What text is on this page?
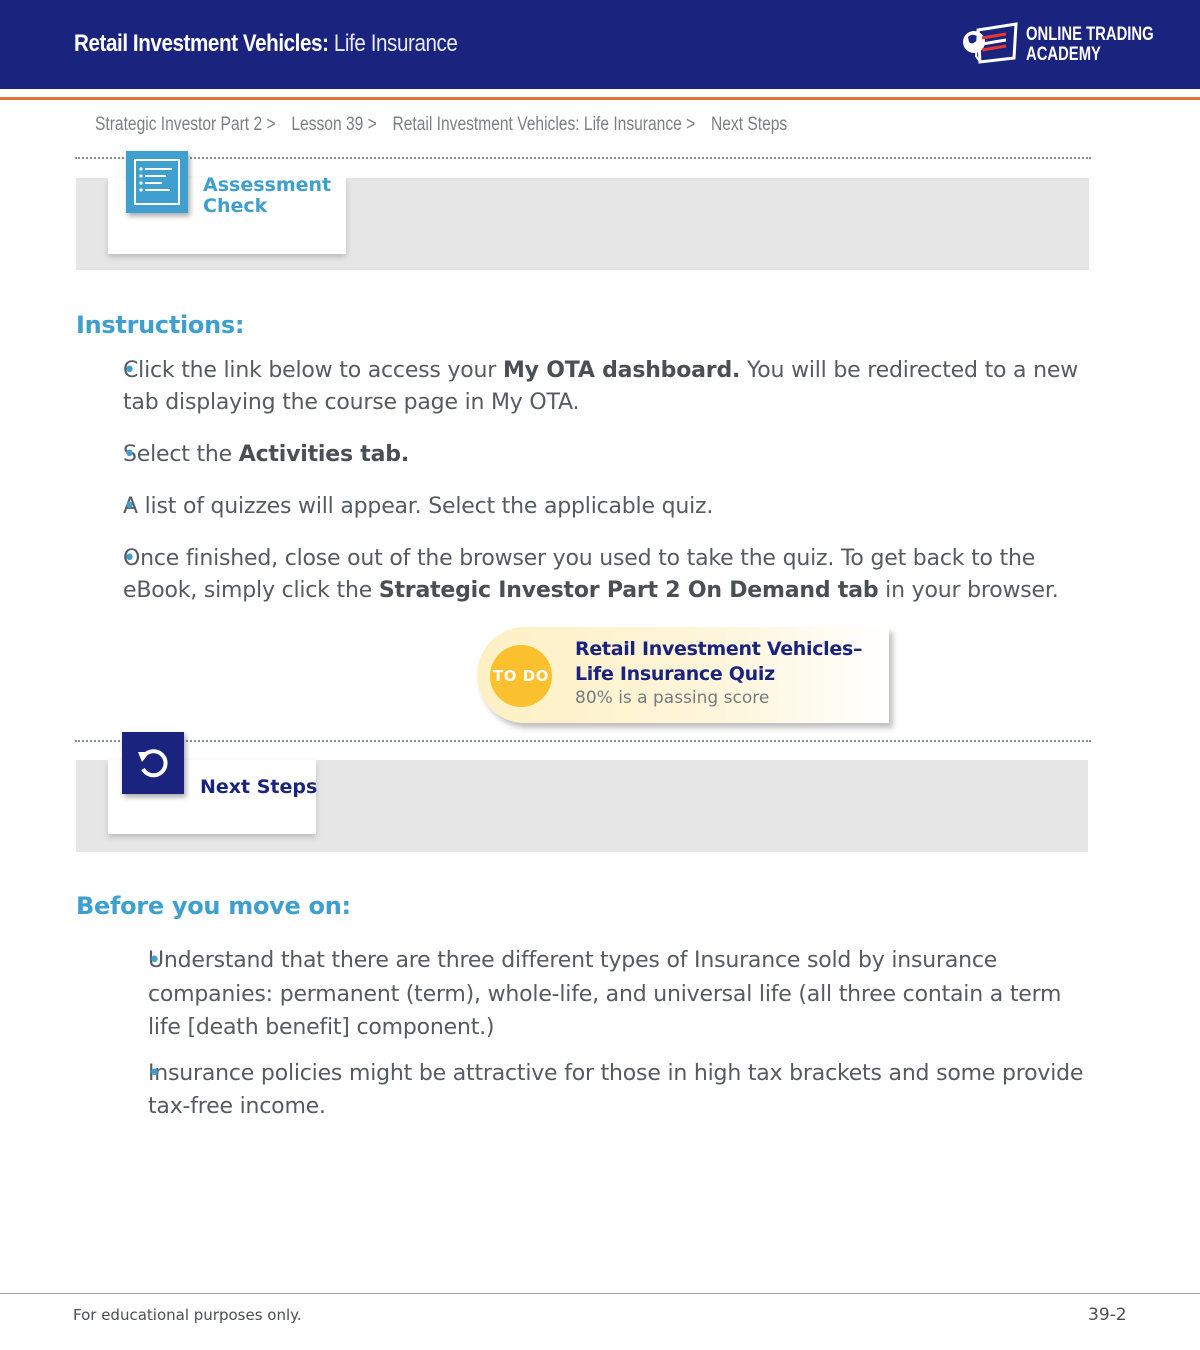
Retail Investment Vehicles: Life Insurance	ONLINE TRADING
ACADEMY
Strategic Investor Part 2 > Lesson 39 > Retail Investment Vehicles: Life Insurance > Next Steps
Assessment
Check
Instructions:
• Click the link below to access your My OTA dashboard. You will be redirected to a new tab displaying the course page in My OTA.
• Select the Activities tab.
• A list of quizzes will appear. Select the applicable quiz.
• Once finished, close out of the browser you used to take the quiz. To get back to the eBook, simply click the Strategic Investor Part 2 On Demand tab in your browser.
TO DO
Retail Investment Vehicles–
Life Insurance Quiz
80% is a passing score
Next Steps
Before you move on:
• Understand that there are three different types of Insurance sold by insurance companies: permanent (term), whole-life, and universal life (all three contain a term life [death benefit] component.)
• Insurance policies might be attractive for those in high tax brackets and some provide tax-free income.
For educational purposes only.	39-2
